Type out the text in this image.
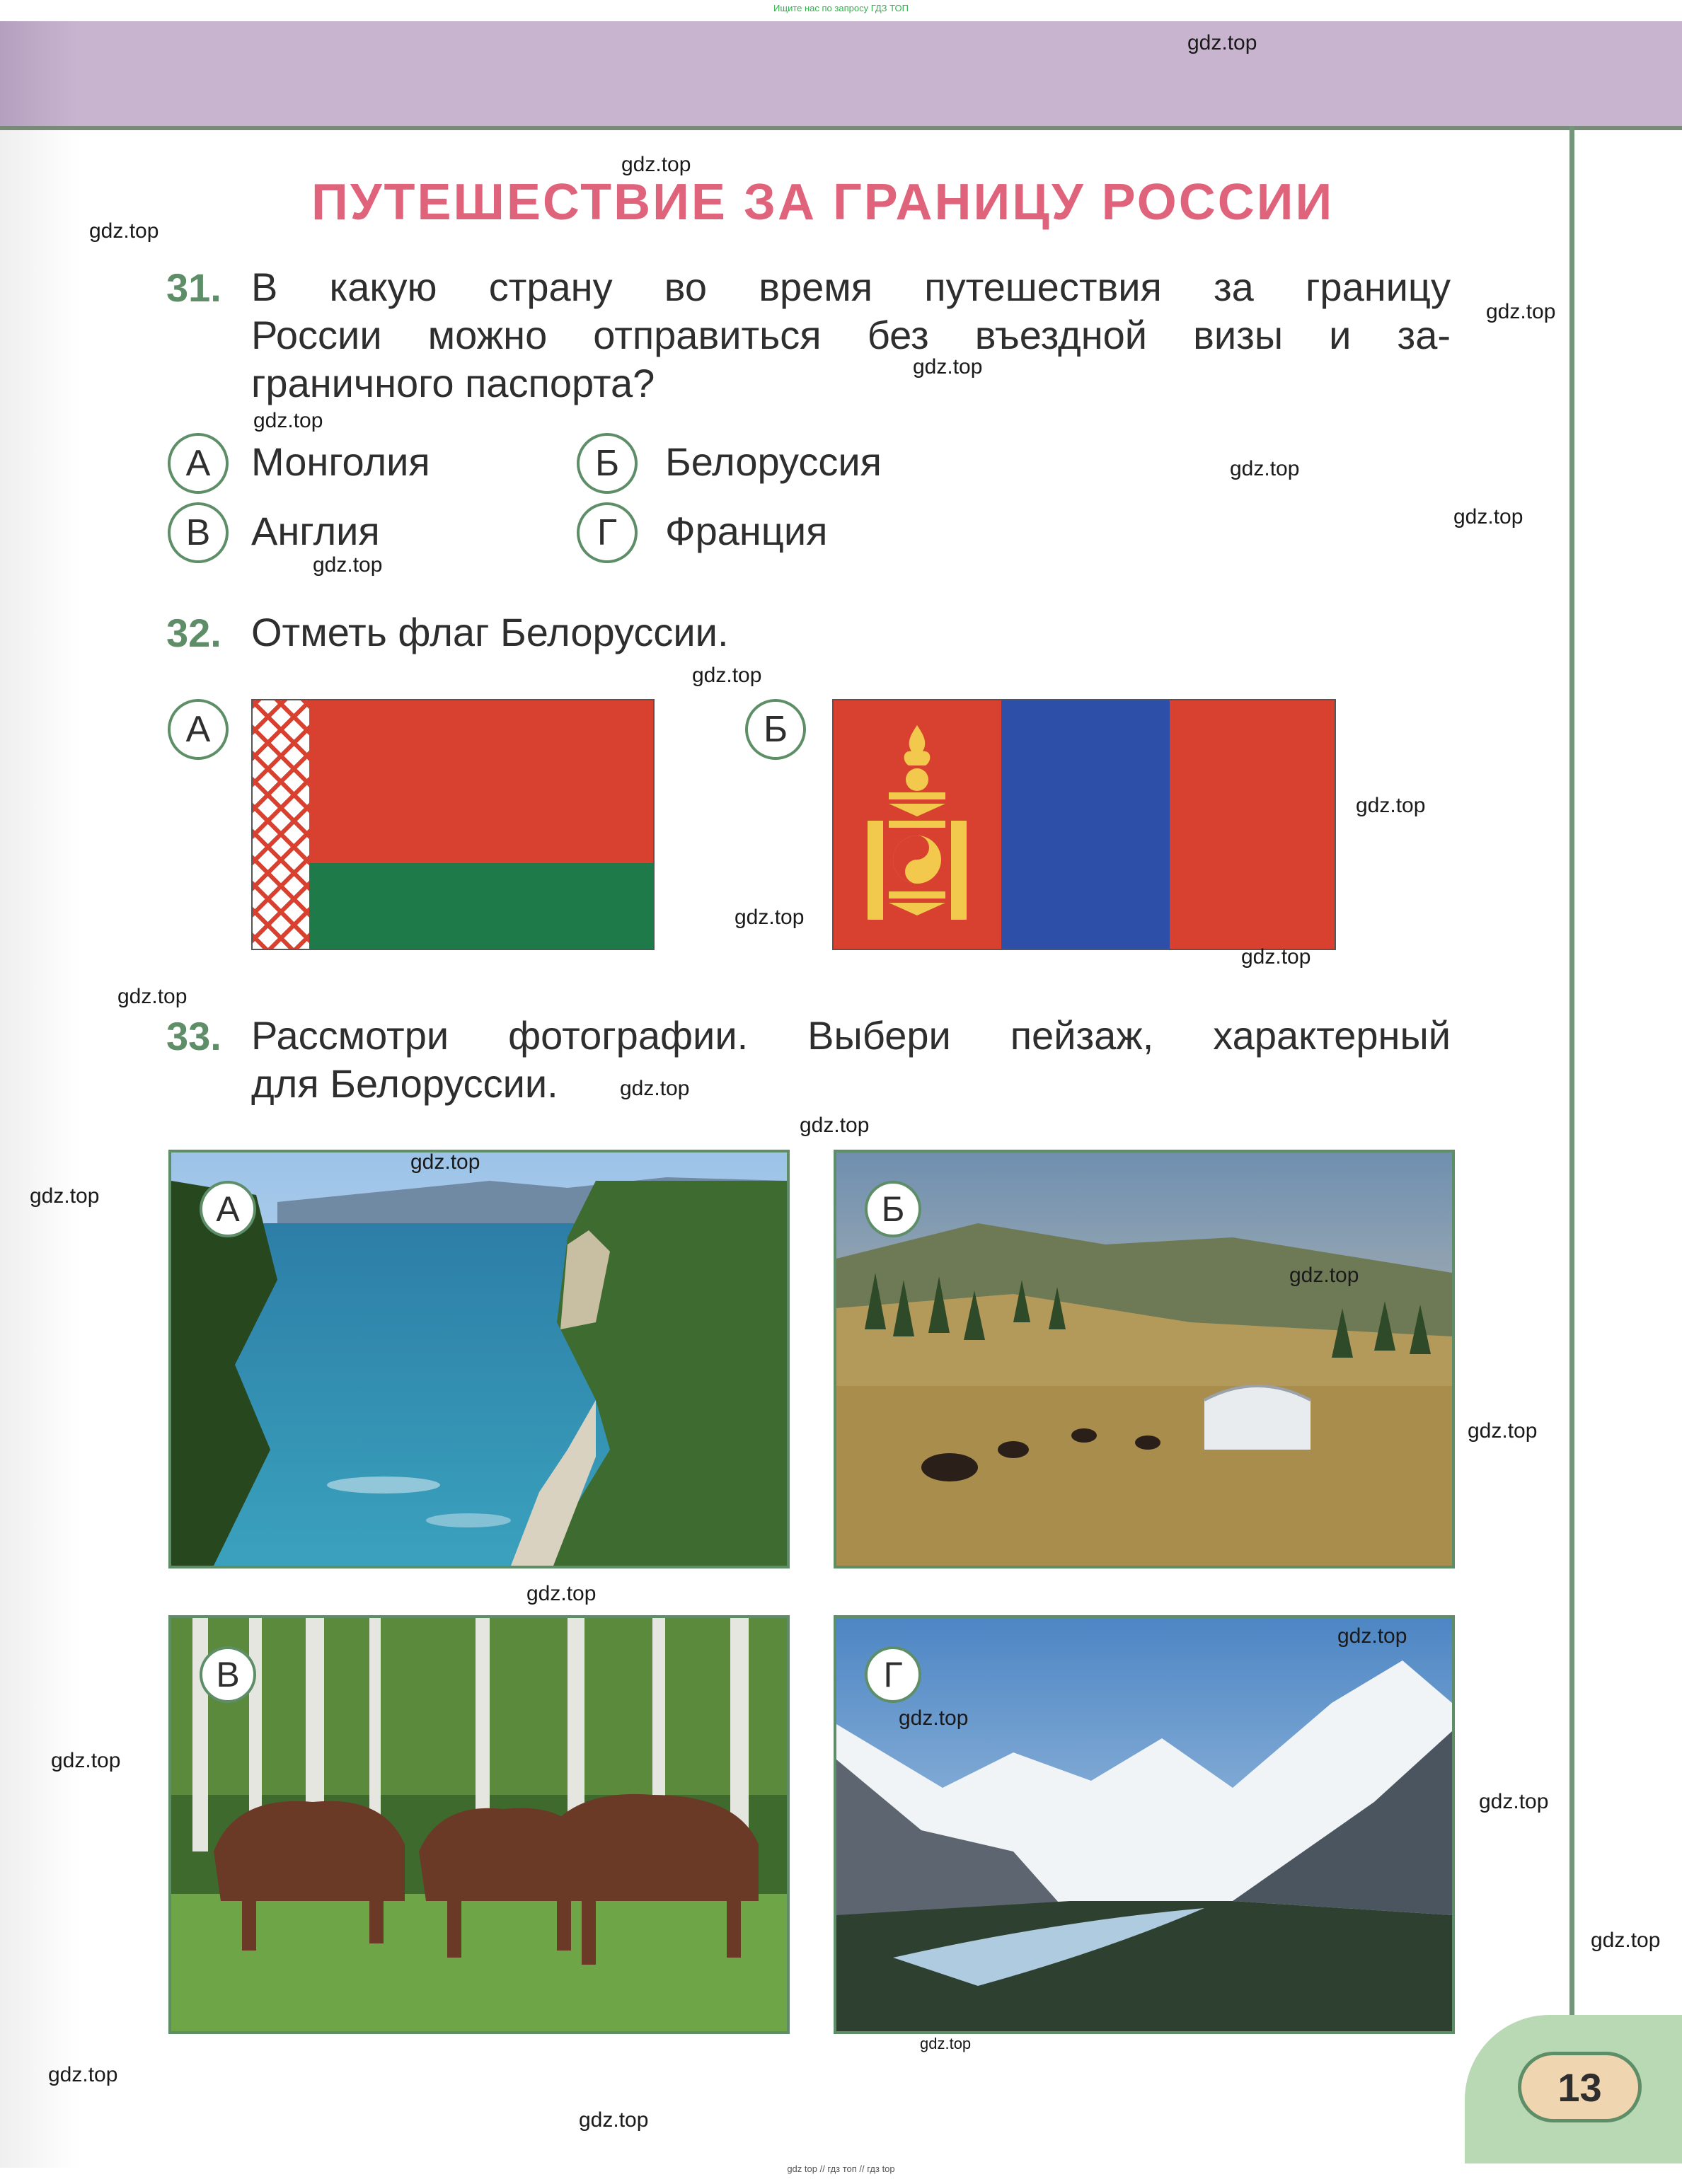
Ищите нас по запросу ГДЗ ТОП
gdz top // гдз топ // гдз top
ПУТЕШЕСТВИЕ ЗА ГРАНИЦУ РОССИИ
31. В какую страну во время путешествия за границу
России можно отправиться без въездной визы и за-
граничного паспорта?
А	Монголия	Б	Белоруссия
В	Англия	Г	Франция
32. Отметь флаг Белоруссии.
А	Б
33. Рассмотри фотографии. Выбери пейзаж, характерный
для Белоруссии.
А	Б
В	Г
13
gdz.top
gdz.top
gdz.top
gdz.top
gdz.top
gdz.top
gdz.top
gdz.top
gdz.top
gdz.top
gdz.top
gdz.top
gdz.top
gdz.top
gdz.top
gdz.top
gdz.top
gdz.top
gdz.top
gdz.top
gdz.top
gdz.top
gdz.top
gdz.top
gdz.top
gdz.top
gdz.top
gdz.top
gdz.top
